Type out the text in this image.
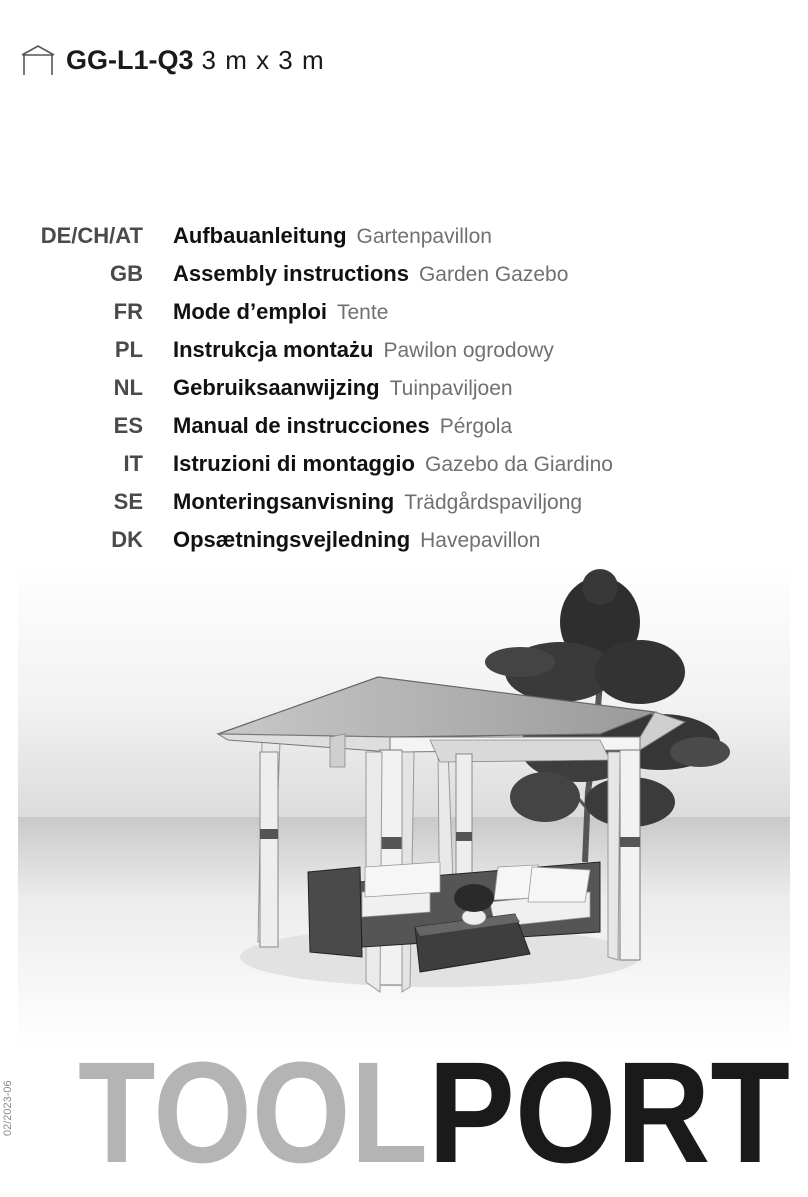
GG-L1-Q3 3 m x 3 m
DE/CH/AT Aufbauanleitung Gartenpavillon
GB Assembly instructions Garden Gazebo
FR Mode d’emploi Tente
PL Instrukcja montażu Pawilon ogrodowy
NL Gebruiksaanwijzing Tuinpaviljoen
ES Manual de instrucciones Pérgola
IT Istruzioni di montaggio Gazebo da Giardino
SE Monteringsanvisning Trädgårdspaviljong
DK Opsætningsvejledning Havepavillon
TOOL PORT
02/2023-06
